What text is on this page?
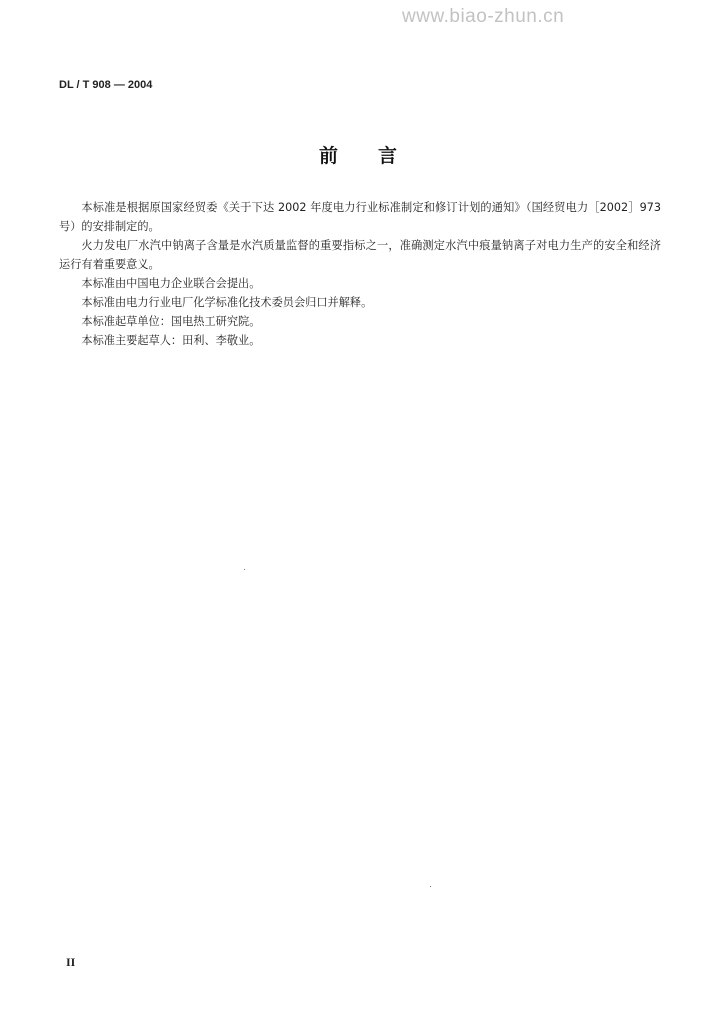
www.biao-zhun.cn
DL / T 908 — 2004
前言

本标准是根据原国家经贸委《关于下达 2002 年度电力行业标准制定和修订计划的通知》（国经贸电力［2002］973 号）的安排制定的。

火力发电厂水汽中钠离子含量是水汽质量监督的重要指标之一，准确测定水汽中痕量钠离子对电力生产的安全和经济运行有着重要意义。

本标准由中国电力企业联合会提出。

本标准由电力行业电厂化学标准化技术委员会归口并解释。

本标准起草单位：国电热工研究院。

本标准主要起草人：田利、李敬业。

II
